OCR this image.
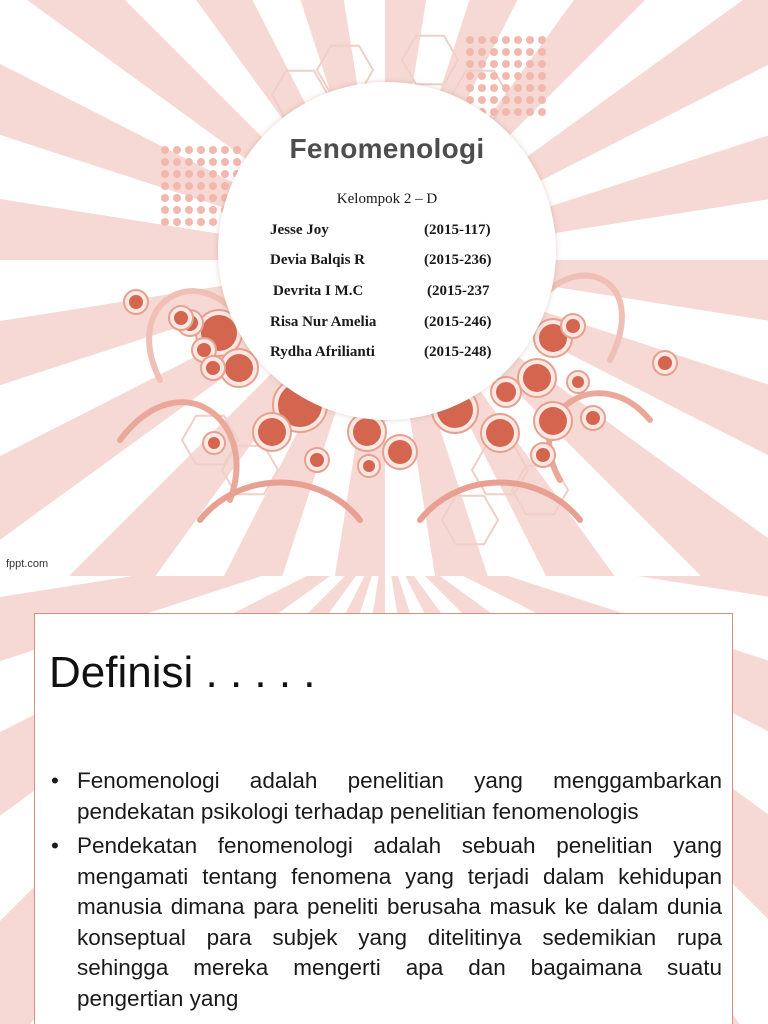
Fenomenologi
Kelompok 2 – D
Jesse Joy	(2015-117)
Devia Balqis R	(2015-236)
Devrita I M.C	(2015-237
Risa Nur Amelia	(2015-246)
Rydha Afrilianti	(2015-248)
fppt.com
Definisi . . . . .
• Fenomenologi adalah penelitian yang menggambarkan pendekatan psikologi terhadap penelitian fenomenologis
• Pendekatan fenomenologi adalah sebuah penelitian yang mengamati tentang fenomena yang terjadi dalam kehidupan manusia dimana para peneliti berusaha masuk ke dalam dunia konseptual para subjek yang ditelitinya sedemikian rupa sehingga mereka mengerti apa dan bagaimana suatu pengertian yang
